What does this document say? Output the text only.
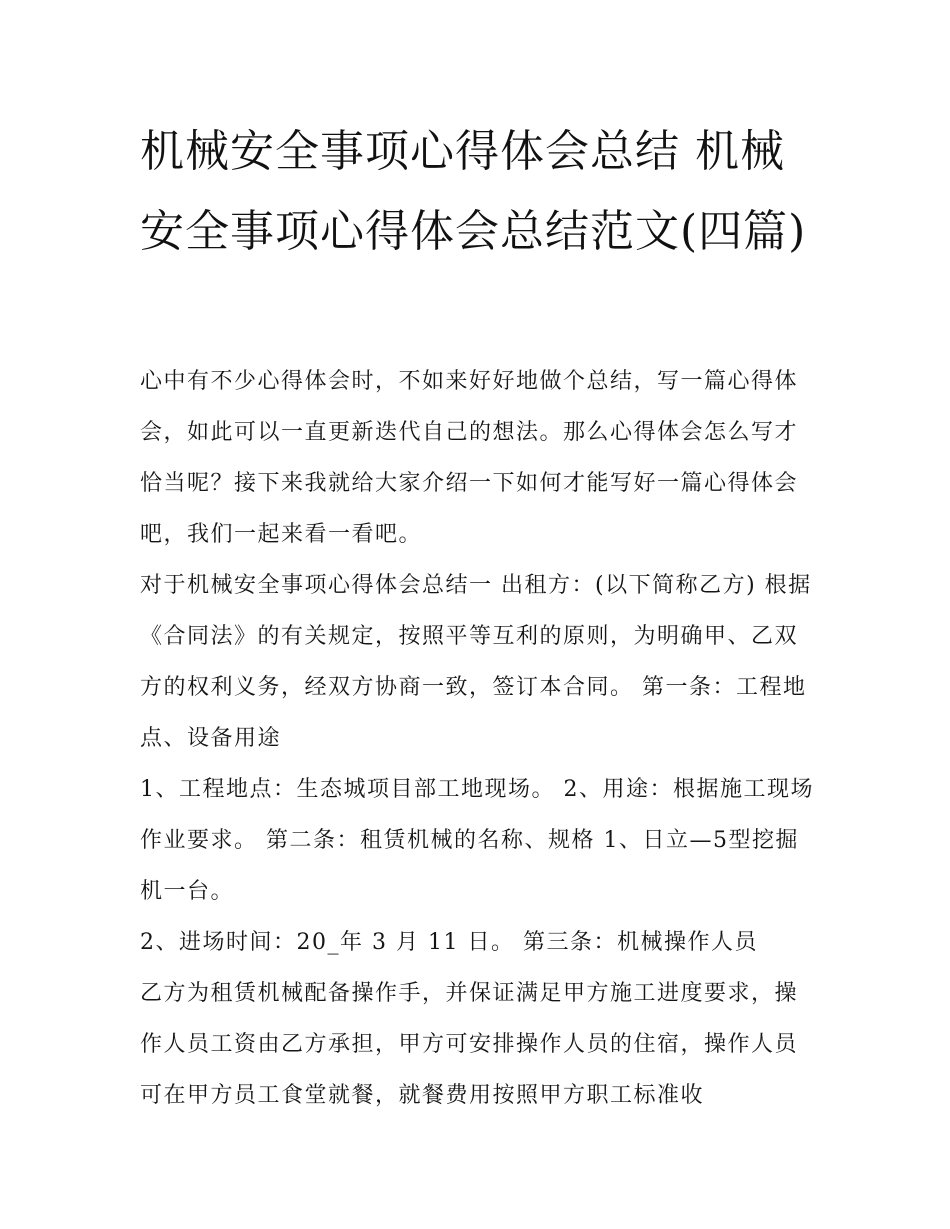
机械安全事项心得体会总结 机械安全事项心得体会总结范文(四篇)

心中有不少心得体会时，不如来好好地做个总结，写一篇心得体会，如此可以一直更新迭代自己的想法。那么心得体会怎么写才恰当呢？接下来我就给大家介绍一下如何才能写好一篇心得体会吧，我们一起来看一看吧。

对于机械安全事项心得体会总结一 出租方：(以下简称乙方) 根据《合同法》的有关规定，按照平等互利的原则，为明确甲、乙双方的权利义务，经双方协商一致，签订本合同。 第一条：工程地点、设备用途

1、工程地点：生态城项目部工地现场。 2、用途：根据施工现场作业要求。 第二条：租赁机械的名称、规格 1、日立—5型挖掘机一台。

2、进场时间：20_年 3 月 11 日。 第三条：机械操作人员

乙方为租赁机械配备操作手，并保证满足甲方施工进度要求，操作人员工资由乙方承担，甲方可安排操作人员的住宿，操作人员可在甲方员工食堂就餐，就餐费用按照甲方职工标准收
